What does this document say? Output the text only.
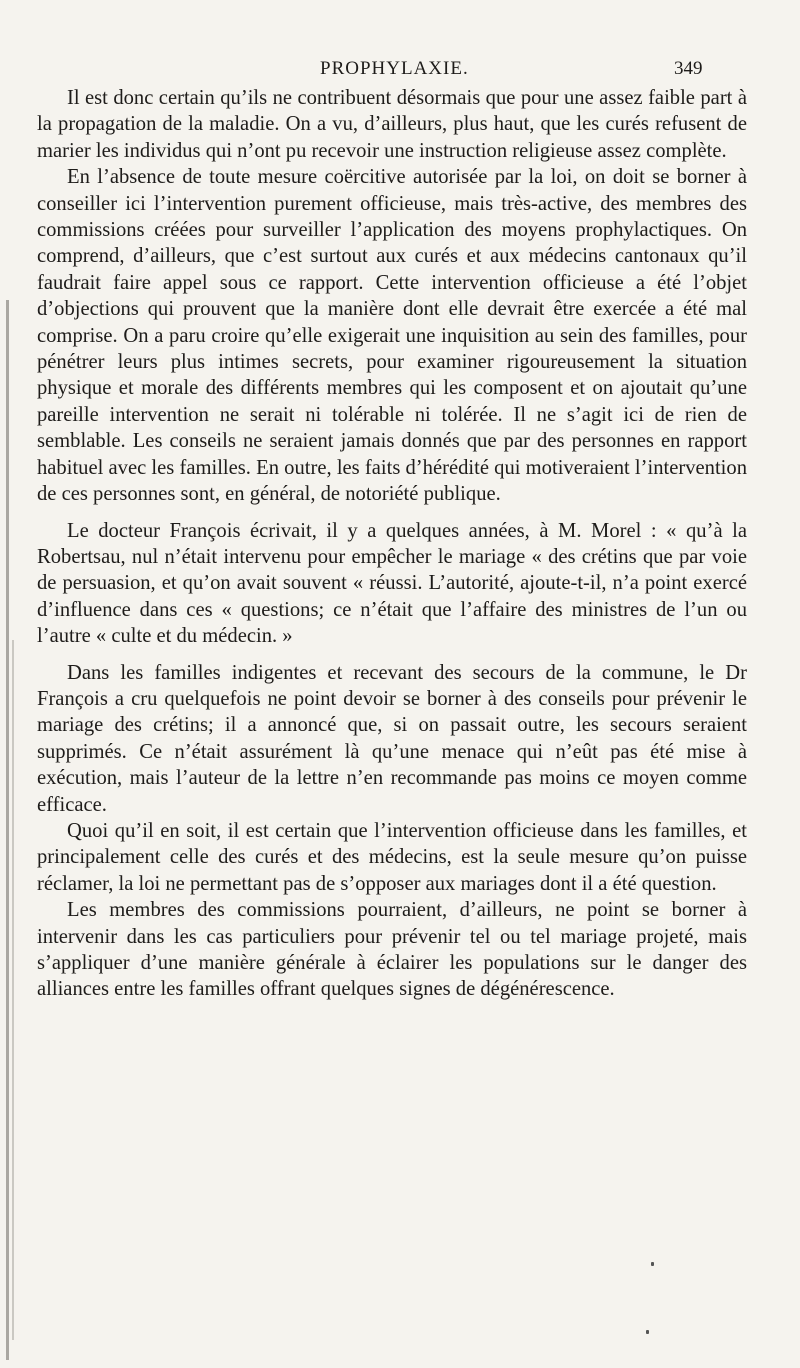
PROPHYLAXIE.	349

Il est donc certain qu’ils ne contribuent désormais que pour une assez faible part à la propagation de la maladie. On a vu, d’ailleurs, plus haut, que les curés refusent de marier les individus qui n’ont pu recevoir une instruction religieuse assez complète.

En l’absence de toute mesure coërcitive autorisée par la loi, on doit se borner à conseiller ici l’intervention purement officieuse, mais très-active, des membres des commissions créées pour surveiller l’application des moyens prophylactiques. On comprend, d’ailleurs, que c’est surtout aux curés et aux médecins cantonaux qu’il faudrait faire appel sous ce rapport. Cette intervention officieuse a été l’objet d’objections qui prouvent que la manière dont elle devrait être exercée a été mal comprise. On a paru croire qu’elle exigerait une inquisition au sein des familles, pour pénétrer leurs plus intimes secrets, pour examiner rigoureusement la situation physique et morale des différents membres qui les composent et on ajoutait qu’une pareille intervention ne serait ni tolérable ni tolérée. Il ne s’agit ici de rien de semblable. Les conseils ne seraient jamais donnés que par des personnes en rapport habituel avec les familles. En outre, les faits d’hérédité qui motiveraient l’intervention de ces personnes sont, en général, de notoriété publique.

Le docteur François écrivait, il y a quelques années, à M. Morel : « qu’à la Robertsau, nul n’était intervenu pour empêcher le mariage « des crétins que par voie de persuasion, et qu’on avait souvent « réussi. L’autorité, ajoute-t-il, n’a point exercé d’influence dans ces « questions; ce n’était que l’affaire des ministres de l’un ou l’autre « culte et du médecin. »

Dans les familles indigentes et recevant des secours de la commune, le Dr François a cru quelquefois ne point devoir se borner à des conseils pour prévenir le mariage des crétins; il a annoncé que, si on passait outre, les secours seraient supprimés. Ce n’était assurément là qu’une menace qui n’eût pas été mise à exécution, mais l’auteur de la lettre n’en recommande pas moins ce moyen comme efficace.

Quoi qu’il en soit, il est certain que l’intervention officieuse dans les familles, et principalement celle des curés et des médecins, est la seule mesure qu’on puisse réclamer, la loi ne permettant pas de s’opposer aux mariages dont il a été question.

Les membres des commissions pourraient, d’ailleurs, ne point se borner à intervenir dans les cas particuliers pour prévenir tel ou tel mariage projeté, mais s’appliquer d’une manière générale à éclairer les populations sur le danger des alliances entre les familles offrant quelques signes de dégénérescence.
